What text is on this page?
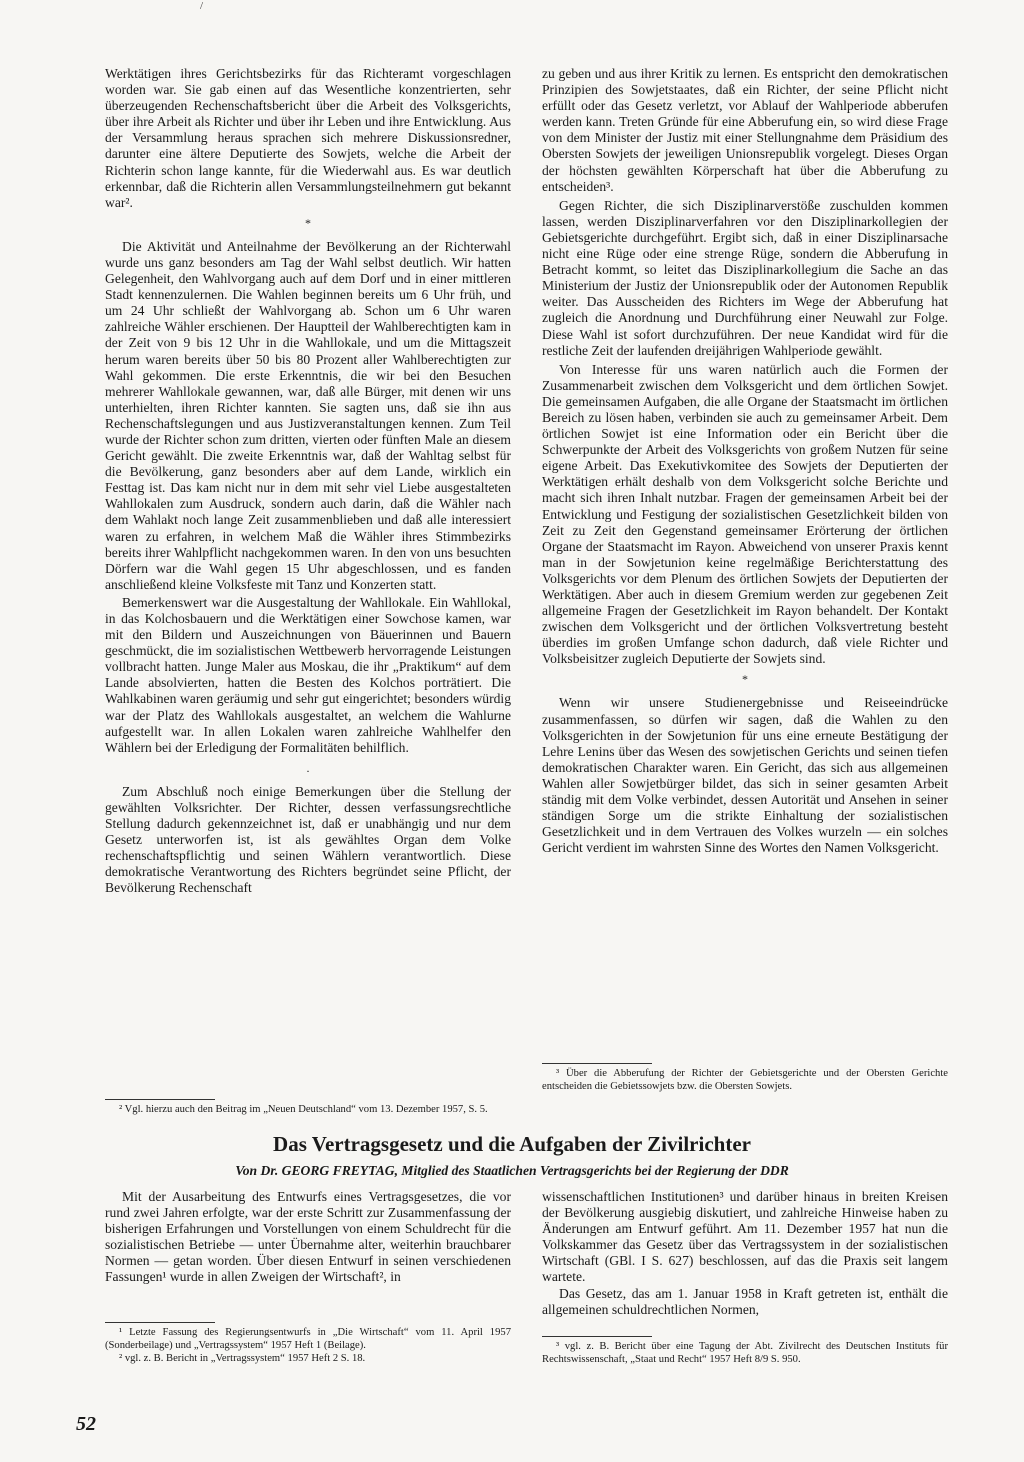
/

Werktätigen ihres Gerichtsbezirks für das Richteramt vorgeschlagen worden war. Sie gab einen auf das Wesentliche konzentrierten, sehr überzeugenden Rechenschaftsbericht über die Arbeit des Volksgerichts, über ihre Arbeit als Richter und über ihr Leben und ihre Entwicklung. Aus der Versammlung heraus sprachen sich mehrere Diskussionsredner, darunter eine ältere Deputierte des Sowjets, welche die Arbeit der Richterin schon lange kannte, für die Wiederwahl aus. Es war deutlich erkennbar, daß die Richterin allen Versammlungsteilnehmern gut bekannt war².

*

Die Aktivität und Anteilnahme der Bevölkerung an der Richterwahl wurde uns ganz besonders am Tag der Wahl selbst deutlich. Wir hatten Gelegenheit, den Wahlvorgang auch auf dem Dorf und in einer mittleren Stadt kennenzulernen. Die Wahlen beginnen bereits um 6 Uhr früh, und um 24 Uhr schließt der Wahlvorgang ab. Schon um 6 Uhr waren zahlreiche Wähler erschienen. Der Hauptteil der Wahlberechtigten kam in der Zeit von 9 bis 12 Uhr in die Wahllokale, und um die Mittagszeit herum waren bereits über 50 bis 80 Prozent aller Wahlberechtigten zur Wahl gekommen. Die erste Erkenntnis, die wir bei den Besuchen mehrerer Wahllokale gewannen, war, daß alle Bürger, mit denen wir uns unterhielten, ihren Richter kannten. Sie sagten uns, daß sie ihn aus Rechenschaftslegungen und aus Justizveranstaltungen kennen. Zum Teil wurde der Richter schon zum dritten, vierten oder fünften Male an diesem Gericht gewählt. Die zweite Erkenntnis war, daß der Wahltag selbst für die Bevölkerung, ganz besonders aber auf dem Lande, wirklich ein Festtag ist. Das kam nicht nur in dem mit sehr viel Liebe ausgestalteten Wahllokalen zum Ausdruck, sondern auch darin, daß die Wähler nach dem Wahlakt noch lange Zeit zusammenblieben und daß alle interessiert waren zu erfahren, in welchem Maß die Wähler ihres Stimmbezirks bereits ihrer Wahlpflicht nachgekommen waren. In den von uns besuchten Dörfern war die Wahl gegen 15 Uhr abgeschlossen, und es fanden anschließend kleine Volksfeste mit Tanz und Konzerten statt.

Bemerkenswert war die Ausgestaltung der Wahllokale. Ein Wahllokal, in das Kolchosbauern und die Werktätigen einer Sowchose kamen, war mit den Bildern und Auszeichnungen von Bäuerinnen und Bauern geschmückt, die im sozialistischen Wettbewerb hervorragende Leistungen vollbracht hatten. Junge Maler aus Moskau, die ihr „Praktikum“ auf dem Lande absolvierten, hatten die Besten des Kolchos porträtiert. Die Wahlkabinen waren geräumig und sehr gut eingerichtet; besonders würdig war der Platz des Wahllokals ausgestaltet, an welchem die Wahlurne aufgestellt war. In allen Lokalen waren zahlreiche Wahlhelfer den Wählern bei der Erledigung der Formalitäten behilflich.

.

Zum Abschluß noch einige Bemerkungen über die Stellung der gewählten Volksrichter. Der Richter, dessen verfassungsrechtliche Stellung dadurch gekennzeichnet ist, daß er unabhängig und nur dem Gesetz unterworfen ist, ist als gewähltes Organ dem Volke rechenschaftspflichtig und seinen Wählern verantwortlich. Diese demokratische Verantwortung des Richters begründet seine Pflicht, der Bevölkerung Rechenschaft

² Vgl. hierzu auch den Beitrag im „Neuen Deutschland“ vom 13. Dezember 1957, S. 5.

zu geben und aus ihrer Kritik zu lernen. Es entspricht den demokratischen Prinzipien des Sowjetstaates, daß ein Richter, der seine Pflicht nicht erfüllt oder das Gesetz verletzt, vor Ablauf der Wahlperiode abberufen werden kann. Treten Gründe für eine Abberufung ein, so wird diese Frage von dem Minister der Justiz mit einer Stellungnahme dem Präsidium des Obersten Sowjets der jeweiligen Unionsrepublik vorgelegt. Dieses Organ der höchsten gewählten Körperschaft hat über die Abberufung zu entscheiden³.

Gegen Richter, die sich Disziplinarverstöße zuschulden kommen lassen, werden Disziplinarverfahren vor den Disziplinarkollegien der Gebietsgerichte durchgeführt. Ergibt sich, daß in einer Disziplinarsache nicht eine Rüge oder eine strenge Rüge, sondern die Abberufung in Betracht kommt, so leitet das Disziplinarkollegium die Sache an das Ministerium der Justiz der Unionsrepublik oder der Autonomen Republik weiter. Das Ausscheiden des Richters im Wege der Abberufung hat zugleich die Anordnung und Durchführung einer Neuwahl zur Folge. Diese Wahl ist sofort durchzuführen. Der neue Kandidat wird für die restliche Zeit der laufenden dreijährigen Wahlperiode gewählt.

Von Interesse für uns waren natürlich auch die Formen der Zusammenarbeit zwischen dem Volksgericht und dem örtlichen Sowjet. Die gemeinsamen Aufgaben, die alle Organe der Staatsmacht im örtlichen Bereich zu lösen haben, verbinden sie auch zu gemeinsamer Arbeit. Dem örtlichen Sowjet ist eine Information oder ein Bericht über die Schwerpunkte der Arbeit des Volksgerichts von großem Nutzen für seine eigene Arbeit. Das Exekutivkomitee des Sowjets der Deputierten der Werktätigen erhält deshalb von dem Volksgericht solche Berichte und macht sich ihren Inhalt nutzbar. Fragen der gemeinsamen Arbeit bei der Entwicklung und Festigung der sozialistischen Gesetzlichkeit bilden von Zeit zu Zeit den Gegenstand gemeinsamer Erörterung der örtlichen Organe der Staatsmacht im Rayon. Abweichend von unserer Praxis kennt man in der Sowjetunion keine regelmäßige Berichterstattung des Volksgerichts vor dem Plenum des örtlichen Sowjets der Deputierten der Werktätigen. Aber auch in diesem Gremium werden zur gegebenen Zeit allgemeine Fragen der Gesetzlichkeit im Rayon behandelt. Der Kontakt zwischen dem Volksgericht und der örtlichen Volksvertretung besteht überdies im großen Umfange schon dadurch, daß viele Richter und Volksbeisitzer zugleich Deputierte der Sowjets sind.

*

Wenn wir unsere Studienergebnisse und Reiseeindrücke zusammenfassen, so dürfen wir sagen, daß die Wahlen zu den Volksgerichten in der Sowjetunion für uns eine erneute Bestätigung der Lehre Lenins über das Wesen des sowjetischen Gerichts und seinen tiefen demokratischen Charakter waren. Ein Gericht, das sich aus allgemeinen Wahlen aller Sowjetbürger bildet, das sich in seiner gesamten Arbeit ständig mit dem Volke verbindet, dessen Autorität und Ansehen in seiner ständigen Sorge um die strikte Einhaltung der sozialistischen Gesetzlichkeit und in dem Vertrauen des Volkes wurzeln — ein solches Gericht verdient im wahrsten Sinne des Wortes den Namen Volksgericht.

³ Über die Abberufung der Richter der Gebietsgerichte und der Obersten Gerichte entscheiden die Gebietssowjets bzw. die Obersten Sowjets.

Das Vertragsgesetz und die Aufgaben der Zivilrichter
Von Dr. GEORG FREYTAG, Mitglied des Staatlichen Vertragsgerichts bei der Regierung der DDR

Mit der Ausarbeitung des Entwurfs eines Vertragsgesetzes, die vor rund zwei Jahren erfolgte, war der erste Schritt zur Zusammenfassung der bisherigen Erfahrungen und Vorstellungen von einem Schuldrecht für die sozialistischen Betriebe — unter Übernahme alter, weiterhin brauchbarer Normen — getan worden. Über diesen Entwurf in seinen verschiedenen Fassungen¹ wurde in allen Zweigen der Wirtschaft², in

¹ Letzte Fassung des Regierungsentwurfs in „Die Wirtschaft“ vom 11. April 1957 (Sonderbeilage) und „Vertragssystem“ 1957 Heft 1 (Beilage).

² vgl. z. B. Bericht in „Vertragssystem“ 1957 Heft 2 S. 18.

wissenschaftlichen Institutionen³ und darüber hinaus in breiten Kreisen der Bevölkerung ausgiebig diskutiert, und zahlreiche Hinweise haben zu Änderungen am Entwurf geführt. Am 11. Dezember 1957 hat nun die Volkskammer das Gesetz über das Vertragssystem in der sozialistischen Wirtschaft (GBl. I S. 627) beschlossen, auf das die Praxis seit langem wartete.

Das Gesetz, das am 1. Januar 1958 in Kraft getreten ist, enthält die allgemeinen schuldrechtlichen Normen,

³ vgl. z. B. Bericht über eine Tagung der Abt. Zivilrecht des Deutschen Instituts für Rechtswissenschaft, „Staat und Recht“ 1957 Heft 8/9 S. 950.

52
